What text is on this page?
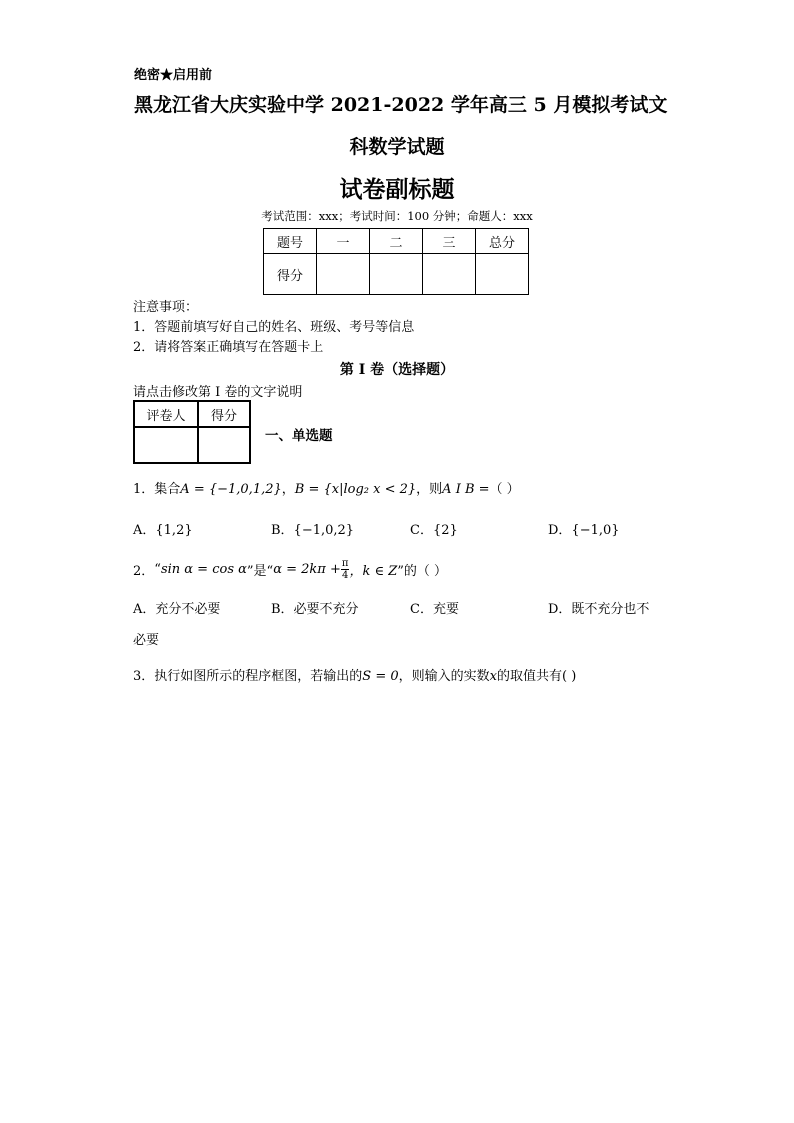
绝密★启用前
黑龙江省大庆实验中学 2021-2022 学年高三 5 月模拟考试文
科数学试题
试卷副标题
考试范围：xxx；考试时间：100 分钟；命题人：xxx
题号	一	二	三	总分
得分				
注意事项：
1．答题前填写好自己的姓名、班级、考号等信息
2．请将答案正确填写在答题卡上
第 I 卷（选择题）
请点击修改第 I 卷的文字说明
评卷人	得分

一、单选题
1．集合A = {−1,0,1,2}，B = {x|log₂ x < 2}，则A I B =（ ）
A．{1,2}	B．{−1,0,2}	C．{2}	D．{−1,0}
2． “ sin α = cos α ”是“ $\alpha = 2k\pi + \frac{\pi}{4}$ ，k ∈ Z ”的（ ）
A．充分不必要	B．必要不充分	C．充要	D．既不充分也不
必要
3．执行如图所示的程序框图，若输出的S = 0，则输入的实数x的取值共有( )
